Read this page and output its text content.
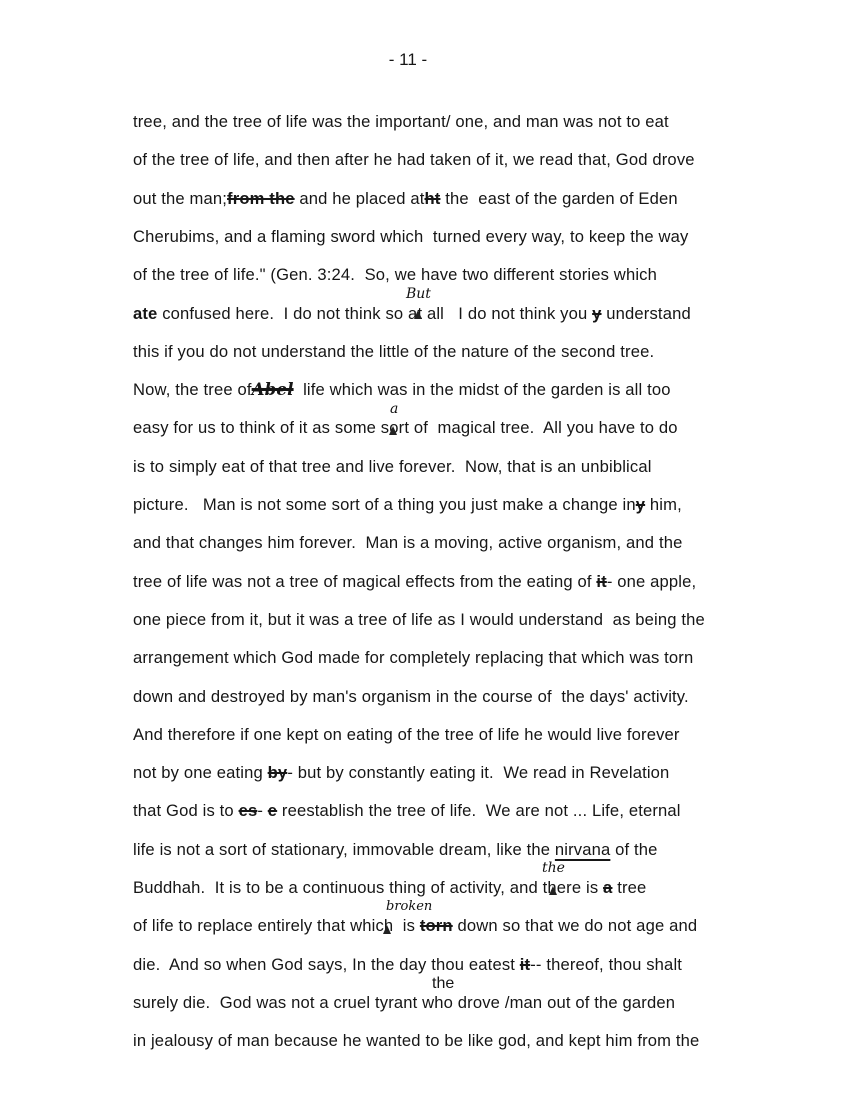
- 11 -
tree, and the tree of life was the important/ one, and man was not to eat
of the tree of life, and then after he had taken of it, we read that, God drove
out the man;from the and he placed atht the  east of the garden of Eden
Cherubims, and a flaming sword which  turned every way, to keep the way
of the tree of life." (Gen. 3:24.  So, we have two different stories which
ate confused here.  I do not think so at all   I do not think you y understand
this if you do not understand the little of the nature of the second tree.
Now, the tree ofAbel  life which was in the midst of the garden is all too
easy for us to think of it as some sort of  magical tree.  All you have to do
is to simply eat of that tree and live forever.  Now, that is an unbiblical
picture.   Man is not some sort of a thing you just make a change iny him,
and that changes him forever.  Man is a moving, active organism, and the
tree of life was not a tree of magical effects from the eating of it- one apple,
one piece from it, but it was a tree of life as I would understand  as being the
arrangement which God made for completely replacing that which was torn
down and destroyed by man's organism in the course of  the days' activity.
And therefore if one kept on eating of the tree of life he would live forever
not by one eating by- but by constantly eating it.  We read in Revelation
that God is to es- e reestablish the tree of life.  We are not ... Life, eternal
life is not a sort of stationary, immovable dream, like the nirvana of the
Buddhah.  It is to be a continuous thing of activity, and there is a tree
of life to replace entirely that which  is torn down so that we do not age and
die.  And so when God says, In the day thou eatest it-- thereof, thou shalt
surely die.  God was not a cruel tyrant who drove /man out of the garden
in jealousy of man because he wanted to be like god, and kept him from the
But
a
the
broken
the
